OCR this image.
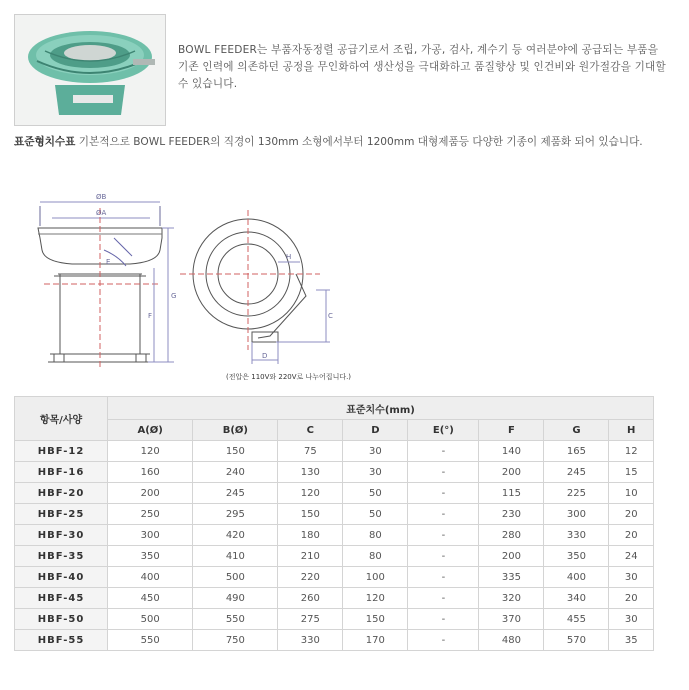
BOWL FEEDER는 부품자동정렬 공급기로서 조립, 가공, 검사, 계수기 등 여러분야에 공급되는 부품을 기존 인력에 의존하던 공정을 무인화하여 생산성을 극대화하고 품질향상 및 인건비와 원가절감을 기대할 수 있습니다.
표준형치수표 기본적으로 BOWL FEEDER의 직경이 130mm 소형에서부터 1200mm 대형제품등 다양한 기종이 제품화 되어 있습니다.
ØB
ØA
E
F
G
H
C
D
(전압은 110V와 220V로 나누어집니다.)
항목/사양	표준치수(mm)							
	A(Ø)	B(Ø)	C	D	E(°)	F	G	H
HBF-12	120	150	75	30	-	140	165	12
HBF-16	160	240	130	30	-	200	245	15
HBF-20	200	245	120	50	-	115	225	10
HBF-25	250	295	150	50	-	230	300	20
HBF-30	300	420	180	80	-	280	330	20
HBF-35	350	410	210	80	-	200	350	24
HBF-40	400	500	220	100	-	335	400	30
HBF-45	450	490	260	120	-	320	340	20
HBF-50	500	550	275	150	-	370	455	30
HBF-55	550	750	330	170	-	480	570	35
